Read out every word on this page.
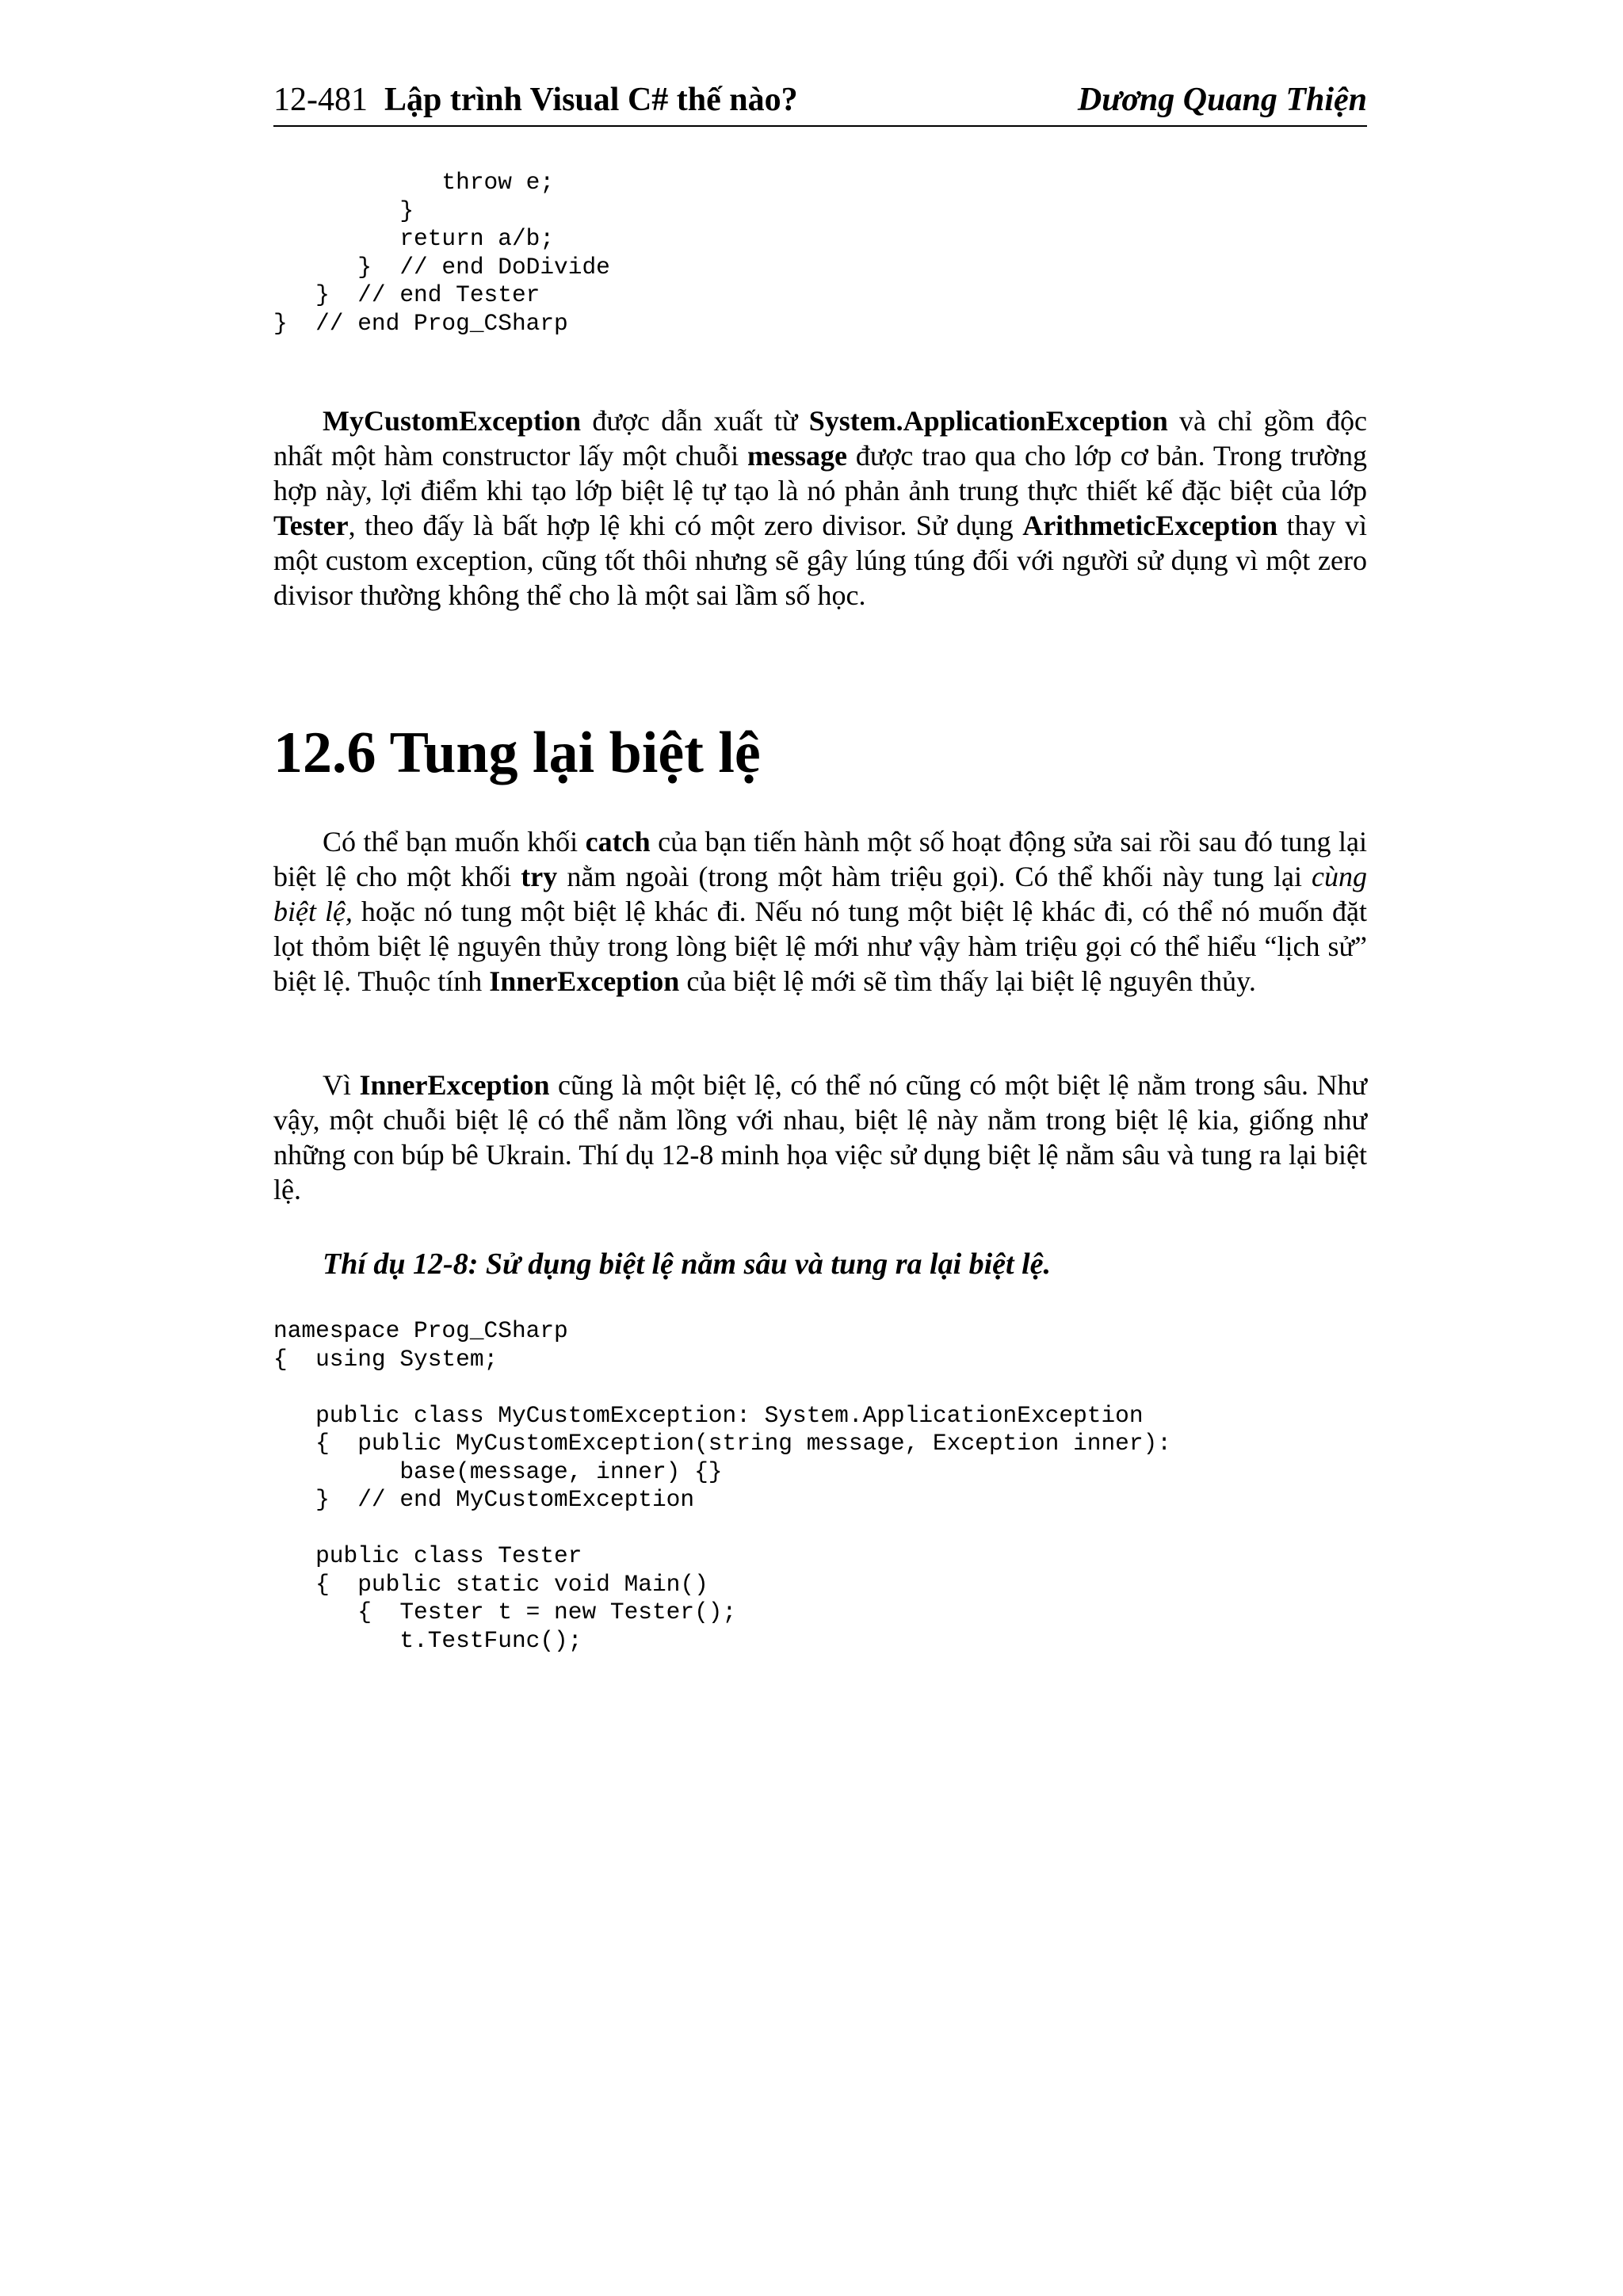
12-481 Lập trình Visual C# thế nào?	Dương Quang Thiện
throw e;
}
return a/b;
}  // end DoDivide
}  // end Tester
}  // end Prog_CSharp

MyCustomException được dẫn xuất từ System.ApplicationException và chỉ gồm độc nhất một hàm constructor lấy một chuỗi message được trao qua cho lớp cơ bản. Trong trường hợp này, lợi điểm khi tạo lớp biệt lệ tự tạo là nó phản ảnh trung thực thiết kế đặc biệt của lớp Tester, theo đấy là bất hợp lệ khi có một zero divisor. Sử dụng ArithmeticException thay vì một custom exception, cũng tốt thôi nhưng sẽ gây lúng túng đối với người sử dụng vì một zero divisor thường không thể cho là một sai lầm số học.

12.6 Tung lại biệt lệ

Có thể bạn muốn khối catch của bạn tiến hành một số hoạt động sửa sai rồi sau đó tung lại biệt lệ cho một khối try nằm ngoài (trong một hàm triệu gọi). Có thể khối này tung lại cùng biệt lệ, hoặc nó tung một biệt lệ khác đi. Nếu nó tung một biệt lệ khác đi, có thể nó muốn đặt lọt thỏm biệt lệ nguyên thủy trong lòng biệt lệ mới như vậy hàm triệu gọi có thể hiểu “lịch sử” biệt lệ. Thuộc tính InnerException của biệt lệ mới sẽ tìm thấy lại biệt lệ nguyên thủy.

Vì InnerException cũng là một biệt lệ, có thể nó cũng có một biệt lệ nằm trong sâu. Như vậy, một chuỗi biệt lệ có thể nằm lồng với nhau, biệt lệ này nằm trong biệt lệ kia, giống như những con búp bê Ukrain. Thí dụ 12-8 minh họa việc sử dụng biệt lệ nằm sâu và tung ra lại biệt lệ.

Thí dụ 12-8: Sử dụng biệt lệ nằm sâu và tung ra lại biệt lệ.

namespace Prog_CSharp
{  using System;

public class MyCustomException: System.ApplicationException
{  public MyCustomException(string message, Exception inner):
base(message, inner) {}
}  // end MyCustomException

public class Tester
{  public static void Main()
{  Tester t = new Tester();
t.TestFunc();
